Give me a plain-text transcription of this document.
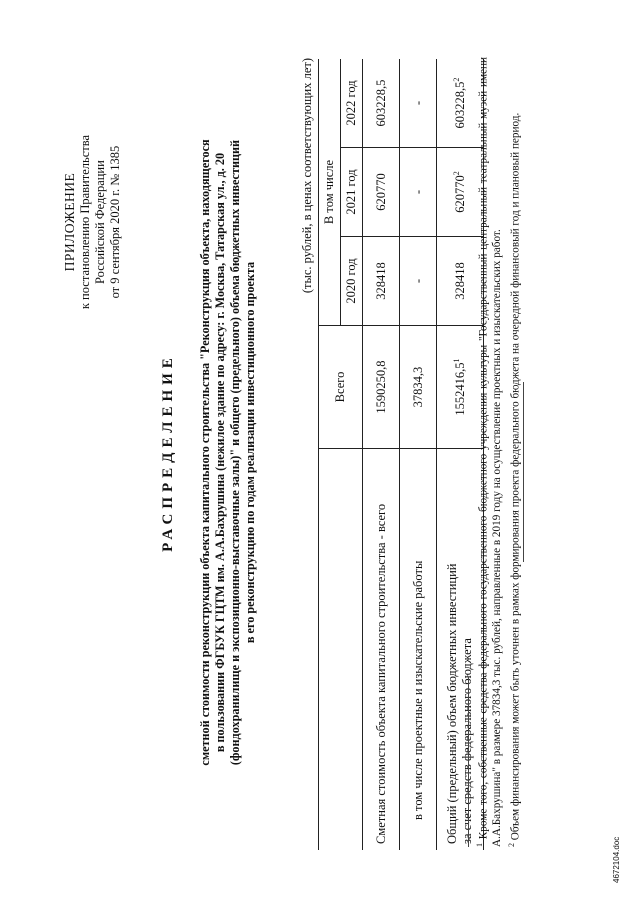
ПРИЛОЖЕНИЕ к постановлению Правительства Российской Федерации от 9 сентября 2020 г. № 1385
РАСПРЕДЕЛЕНИЕ сметной стоимости реконструкции объекта капитального строительства "Реконструкция объекта, находящегося в пользовании ФГБУК ГЦТМ им. А.А.Бахрушина (нежилое здание по адресу: г. Москва, Татарская ул., д. 20 (фондохранилище и экспозиционно-выставочные залы)" и общего (предельного) объема бюджетных инвестиций в его реконструкцию по годам реализации инвестиционного проекта
(тыс. рублей, в ценах соответствующих лет)
	Всего	В том числе		
		2020 год	2021 год	2022 год
Сметная стоимость объекта капитального строительства - всего	1590250,8	328418	620770	603228,5
в том числе проектные и изыскательские работы	37834,3	-	-	-

Общий (предельный) объем бюджетных инвестиций за счет средств федерального бюджета	1552416,5$^1$	328418	620770$^2$	603228,5$^2$

$^1$ Кроме того, собственные средства федерального государственного бюджетного учреждения культуры "Государственный центральный театральный музей имени А.А.Бахрушина" в размере 37834,3 тыс. рублей, направленные в 2019 году на осуществление проектных и изыскательских работ. $^2$ Объем финансирования может быть уточнен в рамках формирования проекта федерального бюджета на очередной финансовый год и плановый период.

4672104.doc
